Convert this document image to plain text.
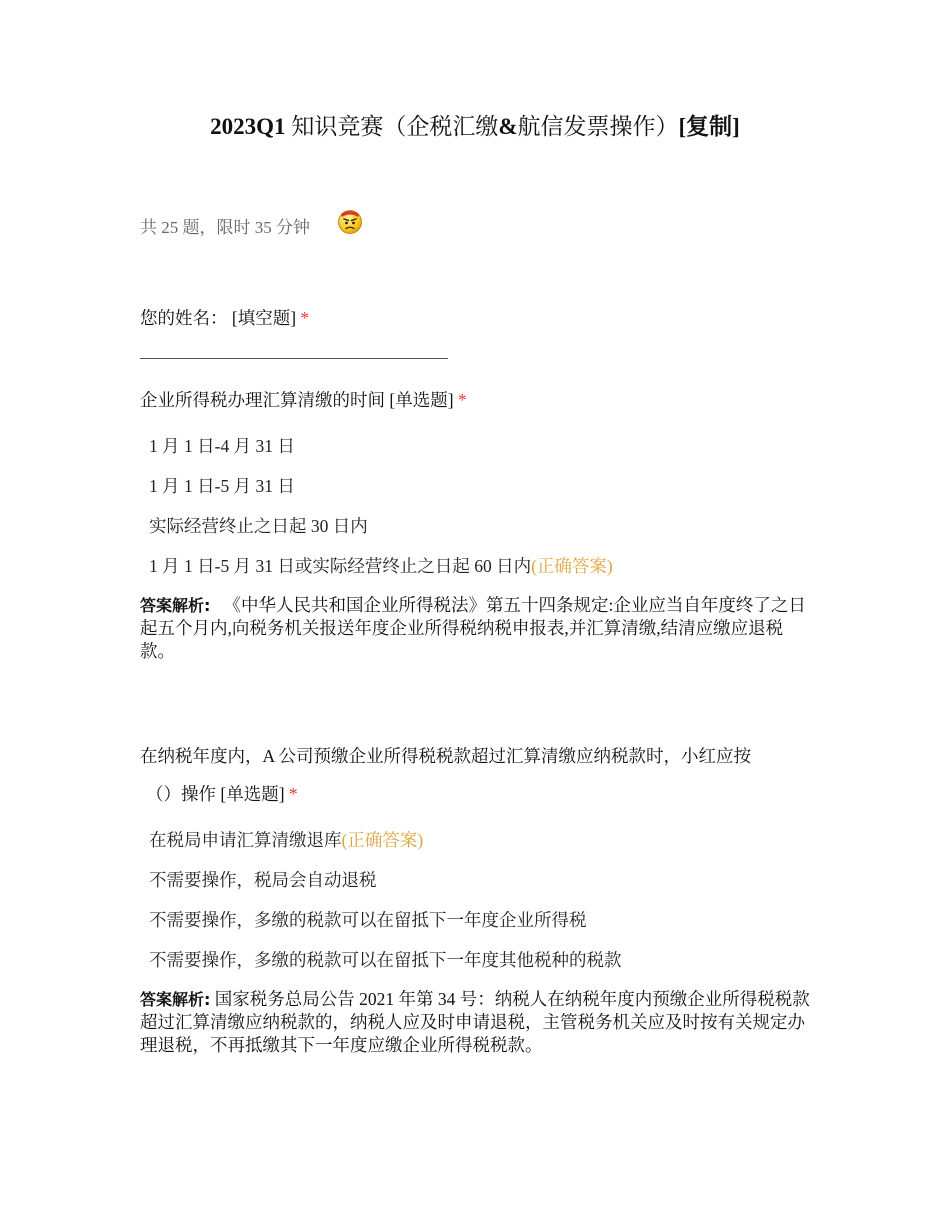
2023Q1 知识竞赛（企税汇缴&航信发票操作）[复制]
共 25 题，限时 35 分钟
您的姓名： [填空题] *
企业所得税办理汇算清缴的时间 [单选题] *
1 月 1 日-4 月 31 日
1 月 1 日-5 月 31 日
实际经营终止之日起 30 日内
1 月 1 日-5 月 31 日或实际经营终止之日起 60 日内(正确答案)
答案解析: 《中华人民共和国企业所得税法》第五十四条规定:企业应当自年度终了之日起五个月内,向税务机关报送年度企业所得税纳税申报表,并汇算清缴,结清应缴应退税款。
在纳税年度内，A 公司预缴企业所得税税款超过汇算清缴应纳税款时，小红应按
（）操作 [单选题] *
在税局申请汇算清缴退库(正确答案)
不需要操作，税局会自动退税
不需要操作，多缴的税款可以在留抵下一年度企业所得税
不需要操作，多缴的税款可以在留抵下一年度其他税种的税款
答案解析: 国家税务总局公告 2021 年第 34 号：纳税人在纳税年度内预缴企业所得税税款超过汇算清缴应纳税款的，纳税人应及时申请退税，主管税务机关应及时按有关规定办理退税，不再抵缴其下一年度应缴企业所得税税款。
